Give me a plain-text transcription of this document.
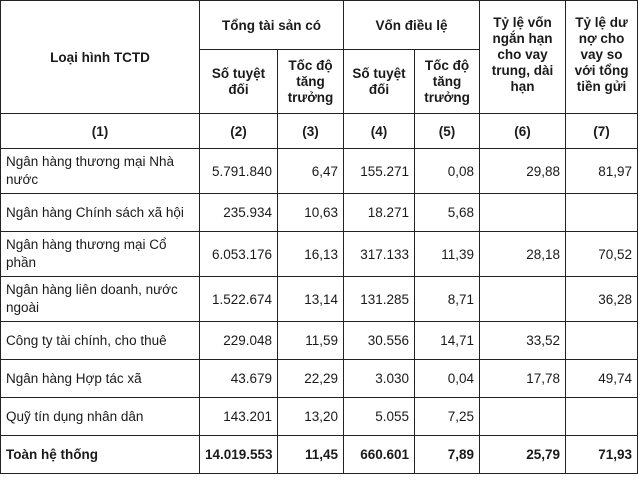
Loại hình TCTD	Tổng tài sản có		Vốn điều lệ		Tỷ lệ vốn ngắn hạn cho vay trung, dài hạn	Tỷ lệ dư nợ cho vay so với tổng tiền gửi
	Số tuyệt đối	Tốc độ tăng trưởng	Số tuyệt đối	Tốc độ tăng trưởng		
(1)	(2)	(3)	(4)	(5)	(6)	(7)
Ngân hàng thương mại Nhà nước	5.791.840	6,47	155.271	0,08	29,88	81,97
Ngân hàng Chính sách xã hội	235.934	10,63	18.271	5,68		
Ngân hàng thương mại Cổ phần	6.053.176	16,13	317.133	11,39	28,18	70,52
Ngân hàng liên doanh, nước ngoài	1.522.674	13,14	131.285	8,71		36,28
Công ty tài chính, cho thuê	229.048	11,59	30.556	14,71	33,52	
Ngân hàng Hợp tác xã	43.679	22,29	3.030	0,04	17,78	49,74
Quỹ tín dụng nhân dân	143.201	13,20	5.055	7,25		
Toàn hệ thống	14.019.553	11,45	660.601	7,89	25,79	71,93
